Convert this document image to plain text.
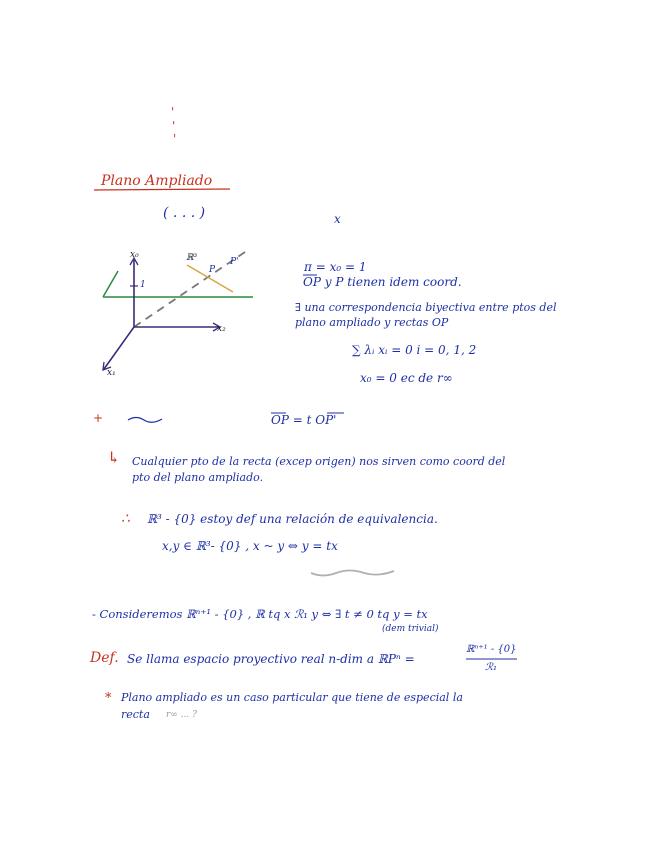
'
'
'
Plano Ampliado
( . . . )	x
x₀
x₂
x₁
ℝ³
P
P'
1
π = x₀ = 1
OP y P tienen idem coord.
∃ una correspondencia biyectiva entre ptos del
plano ampliado y rectas OP
∑ λᵢ xᵢ = 0 i = 0, 1, 2
x₀ = 0 ec de r∞
+	OP = t OP'
↳ Cualquier pto de la recta (excep origen) nos sirven como coord del
pto del plano ampliado.
∴ ℝ³ - {0} estoy def una relación de equivalencia.
x,y ∈ ℝ³- {0} , x ~ y ⇔ y = tx
- Consideremos ℝⁿ⁺¹ - {0} , ℝ tq x ℛ₁ y ⇔ ∃ t ≠ 0 tq y = tx
(dem trivial)
Def. Se llama espacio proyectivo real n-dim a ℝPⁿ =
ℝⁿ⁺¹ - {0}
ℛ₁
* Plano ampliado es un caso particular que tiene de especial la
recta r∞ ... ?
